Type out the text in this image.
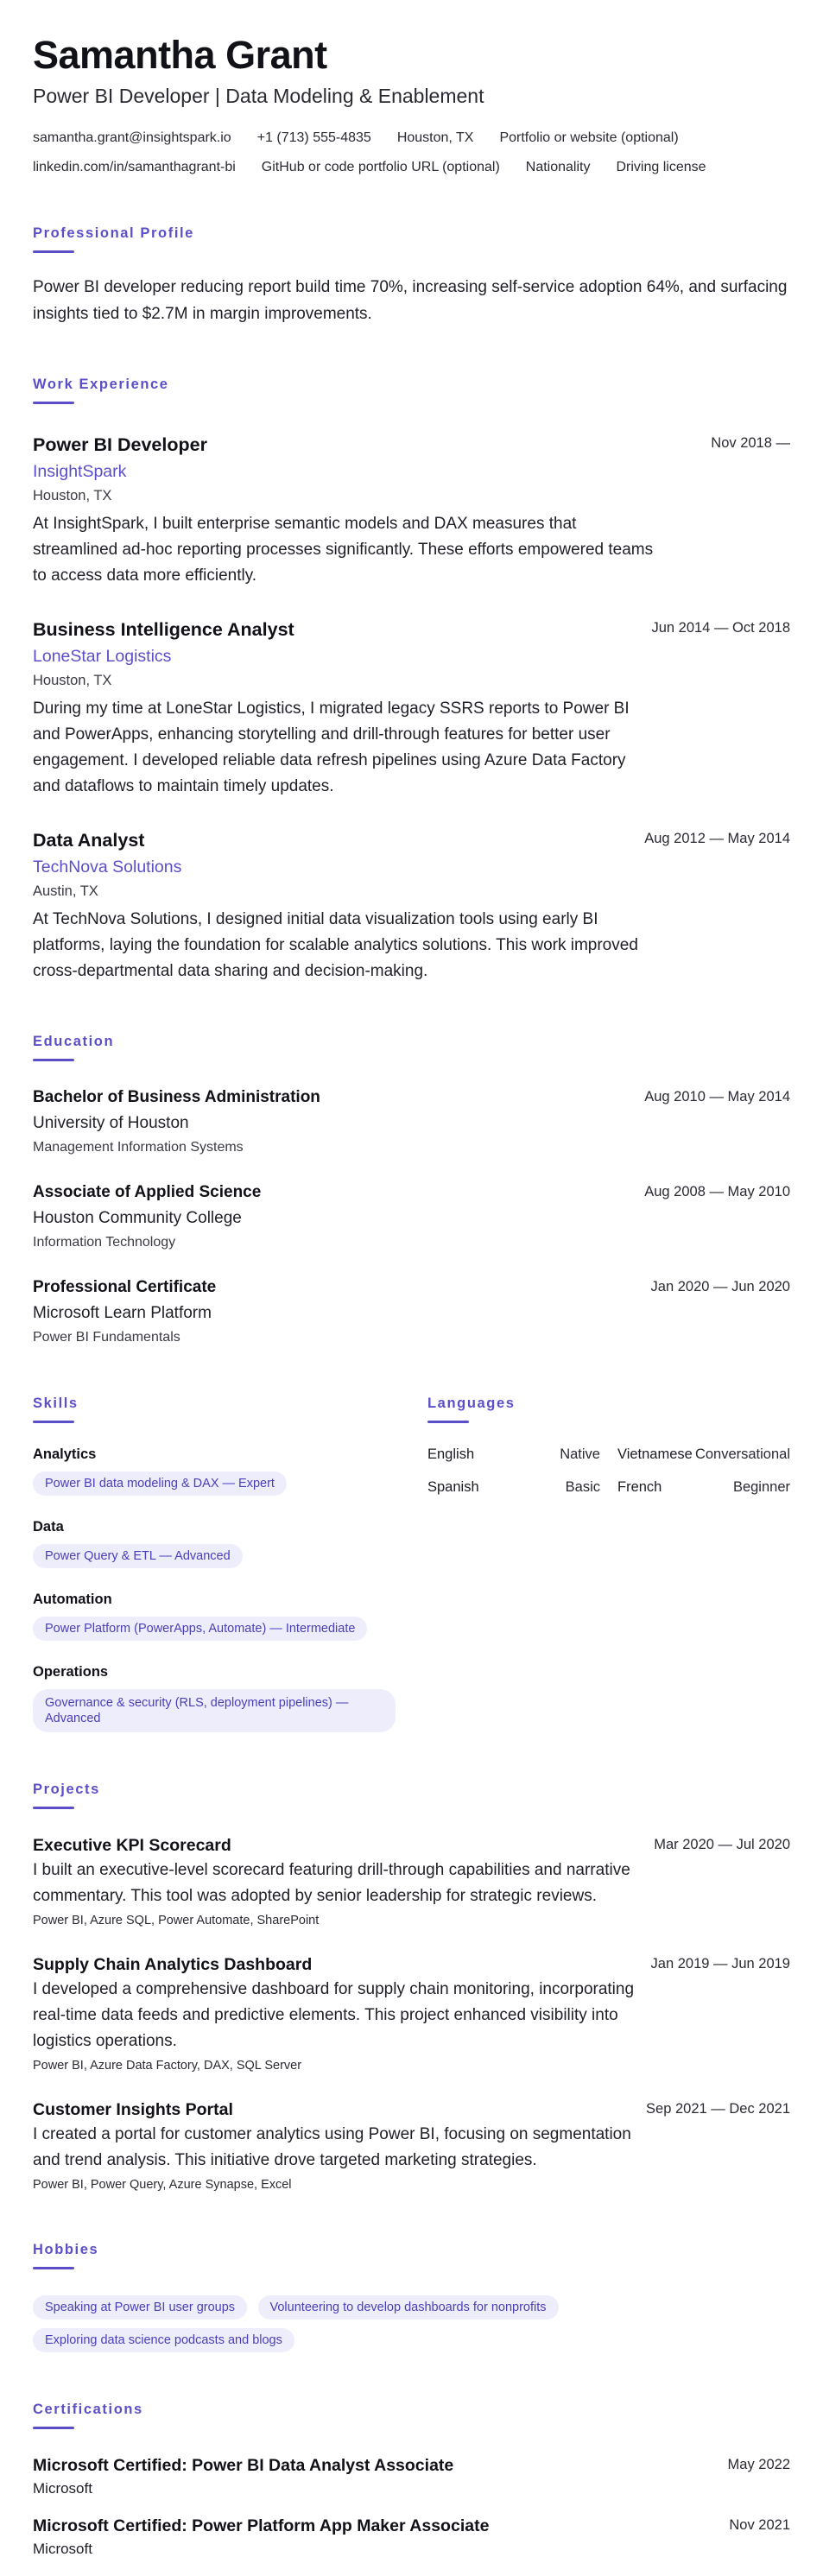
Samantha Grant
Power BI Developer | Data Modeling & Enablement
samantha.grant@insightspark.io +1 (713) 555-4835 Houston, TX Portfolio or website (optional)
linkedin.com/in/samanthagrant-bi GitHub or code portfolio URL (optional) Nationality Driving license
Professional Profile
Power BI developer reducing report build time 70%, increasing self-service adoption 64%, and surfacing insights tied to $2.7M in margin improvements.
Work Experience
Nov 2018 —
Power BI Developer
InsightSpark
Houston, TX
At InsightSpark, I built enterprise semantic models and DAX measures that streamlined ad-hoc reporting processes significantly. These efforts empowered teams to access data more efficiently.
Jun 2014 — Oct 2018
Business Intelligence Analyst
LoneStar Logistics
Houston, TX
During my time at LoneStar Logistics, I migrated legacy SSRS reports to Power BI and PowerApps, enhancing storytelling and drill-through features for better user engagement. I developed reliable data refresh pipelines using Azure Data Factory and dataflows to maintain timely updates.
Aug 2012 — May 2014
Data Analyst
TechNova Solutions
Austin, TX
At TechNova Solutions, I designed initial data visualization tools using early BI platforms, laying the foundation for scalable analytics solutions. This work improved cross-departmental data sharing and decision-making.
Education
Aug 2010 — May 2014
Bachelor of Business Administration
University of Houston
Management Information Systems
Aug 2008 — May 2010
Associate of Applied Science
Houston Community College
Information Technology
Jan 2020 — Jun 2020
Professional Certificate
Microsoft Learn Platform
Power BI Fundamentals
Skills
Analytics
Power BI data modeling & DAX — Expert
Data
Power Query & ETL — Advanced
Automation
Power Platform (PowerApps, Automate) — Intermediate
Operations
Governance & security (RLS, deployment pipelines) — Advanced
Languages
English	Native Vietnamese Conversational
Spanish	Basic French	Beginner
Projects
Mar 2020 — Jul 2020
Executive KPI Scorecard
I built an executive-level scorecard featuring drill-through capabilities and narrative commentary. This tool was adopted by senior leadership for strategic reviews.
Power BI, Azure SQL, Power Automate, SharePoint
Jan 2019 — Jun 2019
Supply Chain Analytics Dashboard
I developed a comprehensive dashboard for supply chain monitoring, incorporating real-time data feeds and predictive elements. This project enhanced visibility into logistics operations.
Power BI, Azure Data Factory, DAX, SQL Server
Sep 2021 — Dec 2021
Customer Insights Portal
I created a portal for customer analytics using Power BI, focusing on segmentation and trend analysis. This initiative drove targeted marketing strategies.
Power BI, Power Query, Azure Synapse, Excel
Hobbies
Speaking at Power BI user groups	Volunteering to develop dashboards for nonprofits Exploring data science podcasts and blogs
Certifications
May 2022
Microsoft Certified: Power BI Data Analyst Associate
Microsoft
Nov 2021
Microsoft Certified: Power Platform App Maker Associate
Microsoft
